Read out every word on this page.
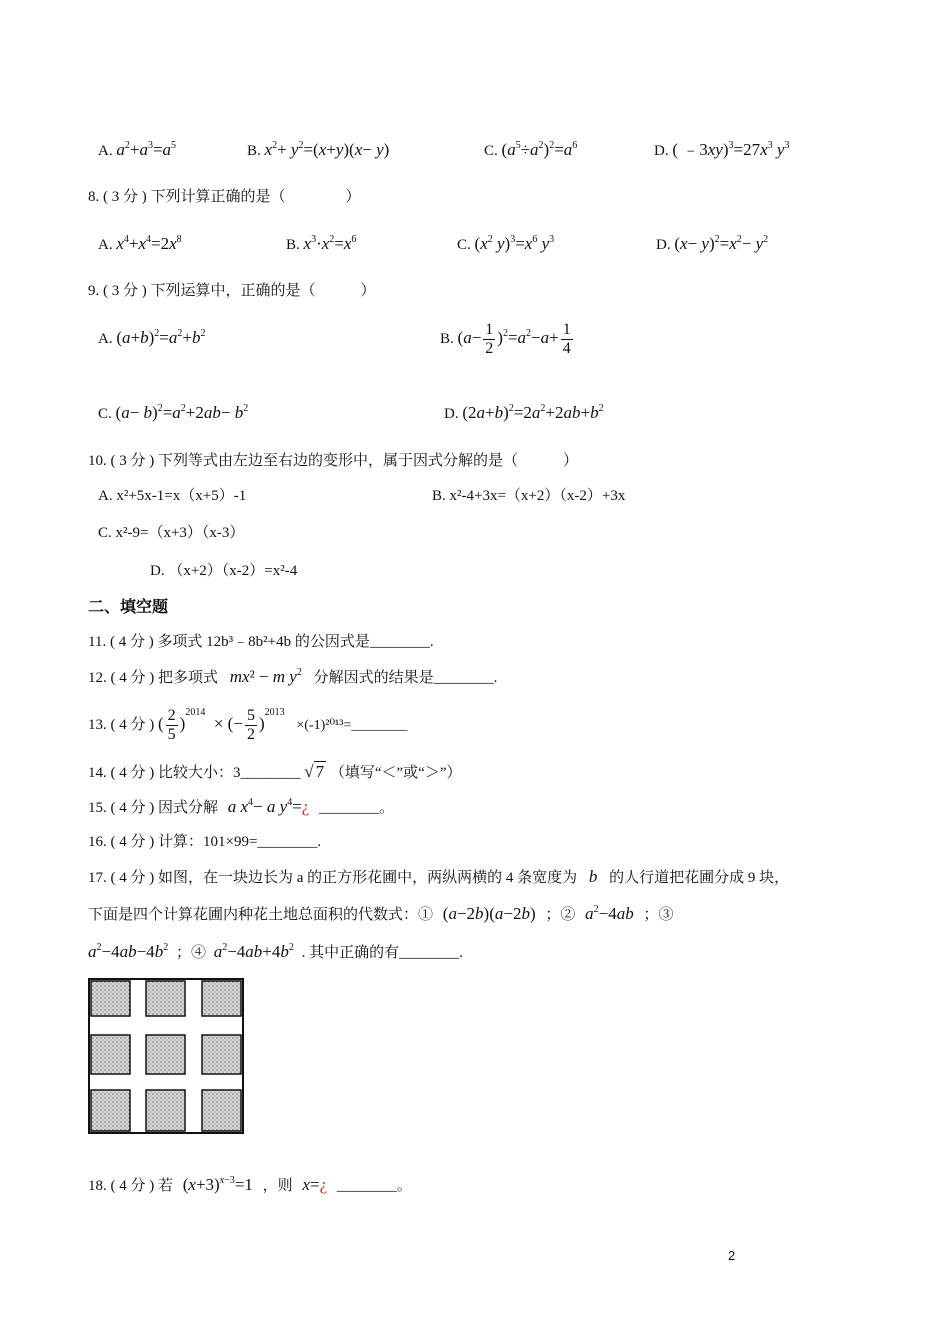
A. $a^2+a^3=a^5$	B. $x^2+ y^2=(x+y)(x- y)$	C. $(a^5\div a^2)^2=a^6$	D. ( $﹣3xy)^3=27x^3$ $y^3$
8. ( 3 分 ) 下列计算正确的是（　　　　）
A. $x^4+x^4=2x^8$	B. $x^3\cdot x^2=x^6$	C. ($x^2$ $y)^3=x^6$ $y^3$	D. $(x- y)^2=x^2- y^2$
9. ( 3 分 ) 下列运算中，正确的是（　　　）
A. $(a+b)^2=a^2+b^2$	B. $(a- \frac{1}{2} )^2=a^2-a+ \frac{1}{4}$
C. $(a- b)^2=a^2+2ab- b^2$	D. $(2a+b)^2=2a^2+2ab+b^2$
10. ( 3 分 ) 下列等式由左边至右边的变形中，属于因式分解的是（　　　）
A. x²+5x-1=x（x+5）-1	B. x²-4+3x=（x+2）（x-2）+3x
C. x²-9=（x+3）（x-3）
D. （x+2）（x-2）=x²-4
二、填空题
11. ( 4 分 ) 多项式 12b³﹣8b²+4b 的公因式是________.
12. ( 4 分 ) 把多项式 mx² − m $y^2$ 分解因式的结果是________.
13. ( 4 分 ) ( $\frac{2}{5} )^{2014}$  × (− $\frac{5}{2} )^{2013}$ ×(-1)²⁰¹³=________
14. ( 4 分 ) 比较大小：3________ √ 7 （填写“＜”或“＞”）
15. ( 4 分 ) 因式分解 a $x^4- a$ $y^4=¿$ ________。
16. ( 4 分 ) 计算：101×99=________.
17. ( 4 分 ) 如图，在一块边长为 a 的正方形花圃中，两纵两横的 4 条宽度为 b 的人行道把花圃分成 9 块，
下面是四个计算花圃内种花土地总面积的代数式：① (a−2b)(a−2b) ；② $a^2-4ab$ ；③
$a^2-4ab-4b^2$ ；④ $a^2-4ab+4b^2$ . 其中正确的有________.
18. ( 4 分 ) 若 $(x+3)^{x-3}=1$ ，则 x=¿ ________。
2
